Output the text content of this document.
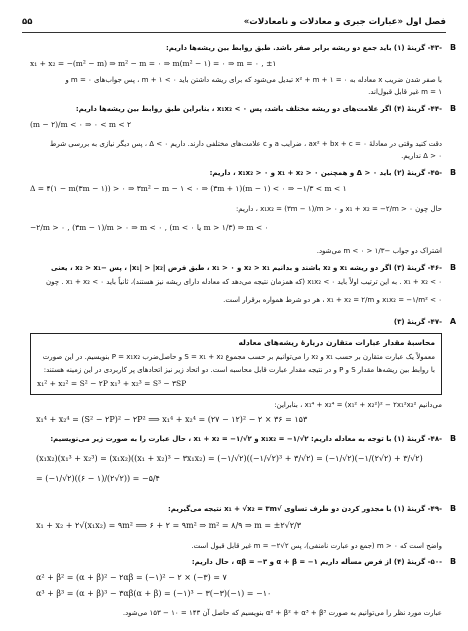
۵۵	فصل اول «عبارات جبری و معادلات و نامعادلات»
-۴۳- گزینهٔ (۱) باید جمع دو ریشه برابر صفر باشد. طبق روابط بین ریشه‌ها داریم: B
x₁ + x₂ = −(m² − m) ⇒ m² − m = ۰ ⇒ m(m² − ۱) = ۰ ⇒ m = ۰ , ±۱
با صفر شدن ضریب x معادله به x² + m + ۱ = ۰ تبدیل می‌شود که برای ریشه داشتن باید m + ۱ < ۰ ، پس جواب‌های m = ۰ و
m = ۱ غیر قابل قبول‌اند.
-۴۴- گزینهٔ (۴) اگر علامت‌های دو ریشه مختلف باشد، پس x₁x₂ < ۰ ، بنابراین طبق روابط بین ریشه‌ها داریم: B
(m − ۲)/m < ۰ ⇒ ۰ < m < ۲
دقت کنید وقتی در معادلهٔ ax² + bx + c = ۰ ، ضرایب a و c علامت‌های مختلفی دارند. داریم ۰ > Δ ، پس دیگر نیازی به بررسی شرط
Δ > ۰ نداریم.
-۴۵- گزینهٔ (۲) باید Δ > ۰ و همچنین x₁ + x₂ > ۰ و x₁x₂ > ۰ ، داریم: B
Δ = ۴(۱ − m(۳m − ۱)) > ۰ ⇒ ۳m² − m − ۱ < ۰ ⇒ (۳m + ۱)(m − ۱) < ۰ ⇒ −۱/۳ < m < ۱
حال چون x₁ + x₂ = −۲/m > ۰ و x₁x₂ = (۳m − ۱)/m > ۰ ، داریم:
−۲/m > ۰ , (۳m − ۱)/m > ۰ ⇒ m < ۰ , (m < ۰ یا m > ۱/۳) ⇒ m < ۰
اشتراک دو جواب −۱/۳ < m < ۰ می‌شود.
-۴۶- گزینهٔ (۳) اگر دو ریشه x₁ و x₂ باشند و بدانیم x₂ > x₁ و x₁ > ۰ ، طبق فرض |x₁| > |x₂| ، پس −x₂ > x₁ ، یعنی B
x₁ + x₂ < ۰ . به این ترتیب اولاً باید x₁x₂ < ۰ (که همزمان نتیجه می‌دهد که معادله دارای ریشه نیز هستند)، ثانیاً باید x₁ + x₂ < ۰ . چون
x₁x₂ = −۱/m² < ۰ و x₁ + x₂ = ۲/m ، هر دو شرط همواره برقرار است.
-۴۷- گزینهٔ (۳) A
محاسبهٔ مقدار عبارات متقارن دربارهٔ ریشه‌های معادله
معمولاً یک عبارت متقارن بر حسب x₁ و x₂ را می‌توانیم بر حسب مجموع S = x₁ + x₂ و حاصل‌ضرب P = x₁x₂ بنویسیم. در این صورت
با روابط بین ریشه‌ها مقدار S و P و در نتیجه مقدار عبارت قابل محاسبه است. دو اتحاد زیر نیز اتحادهای پر کاربردی در این زمینه هستند:
x₁² + x₂² = S² − ۲P x₁³ + x₂³ = S³ − ۳SP
می‌دانیم x₁⁴ + x₂⁴ = (x₁² + x₂²)² − ۲x₁²x₂² ، بنابراین:
x₁⁴ + x₂⁴ = (S² − ۲P)² − ۲P² ⟹ x₁⁴ + x₂⁴ = (۲۷ − ۱۲)² − ۲ × ۳۶ = ۱۵۳
-۴۸- گزینهٔ (۱) با توجه به معادله داریم: x₁x₂ = −۱/√۲ و x₁ + x₂ = −۱/√۲ ، حال عبارت را به صورت زیر می‌نویسیم: B
(x₁x₂)(x₁³ + x₂³) = (x₁x₂)((x₁ + x₂)³ − ۳x₁x₂) = (−۱/√۲)((−۱/√۲)³ + ۳/√۲) = (−۱/√۲)(−۱/(۲√۲) + ۳/√۲)
= (−۱/√۲)((۶ − ۱)/(۲√۲)) = −۵/۴
-۴۹- گزینهٔ (۱) با مجذور کردن دو طرف تساوی √x₁ + √x₂ = ۳m نتیجه می‌گیریم: B
x₁ + x₂ + ۲√(x₁x₂) = ۹m² ⟹ ۶ + ۲ = ۹m² ⇒ m² = ۸/۹ ⇒ m = ±۲√۲/۳
واضح است که m > ۰ (جمع دو عبارت نامنفی)، پس m = −۲√۲ غیر قابل قبول است.
-۵۰- گزینهٔ (۴) از فرض مسأله داریم α + β = −۱ و αβ = −۳ ، حال داریم: B
α² + β² = (α + β)² − ۲αβ = (−۱)² − ۲ × (−۳) = ۷
α³ + β³ = (α + β)³ − ۳αβ(α + β) = (−۱)³ − ۳(−۳)(−۱) = −۱۰
عبارت مورد نظر را می‌توانیم به صورت α² + β² + α³ + β³ بنویسیم که حاصل آن ۱۴۳ = ۱۰ − ۱۵۳ می‌شود.
